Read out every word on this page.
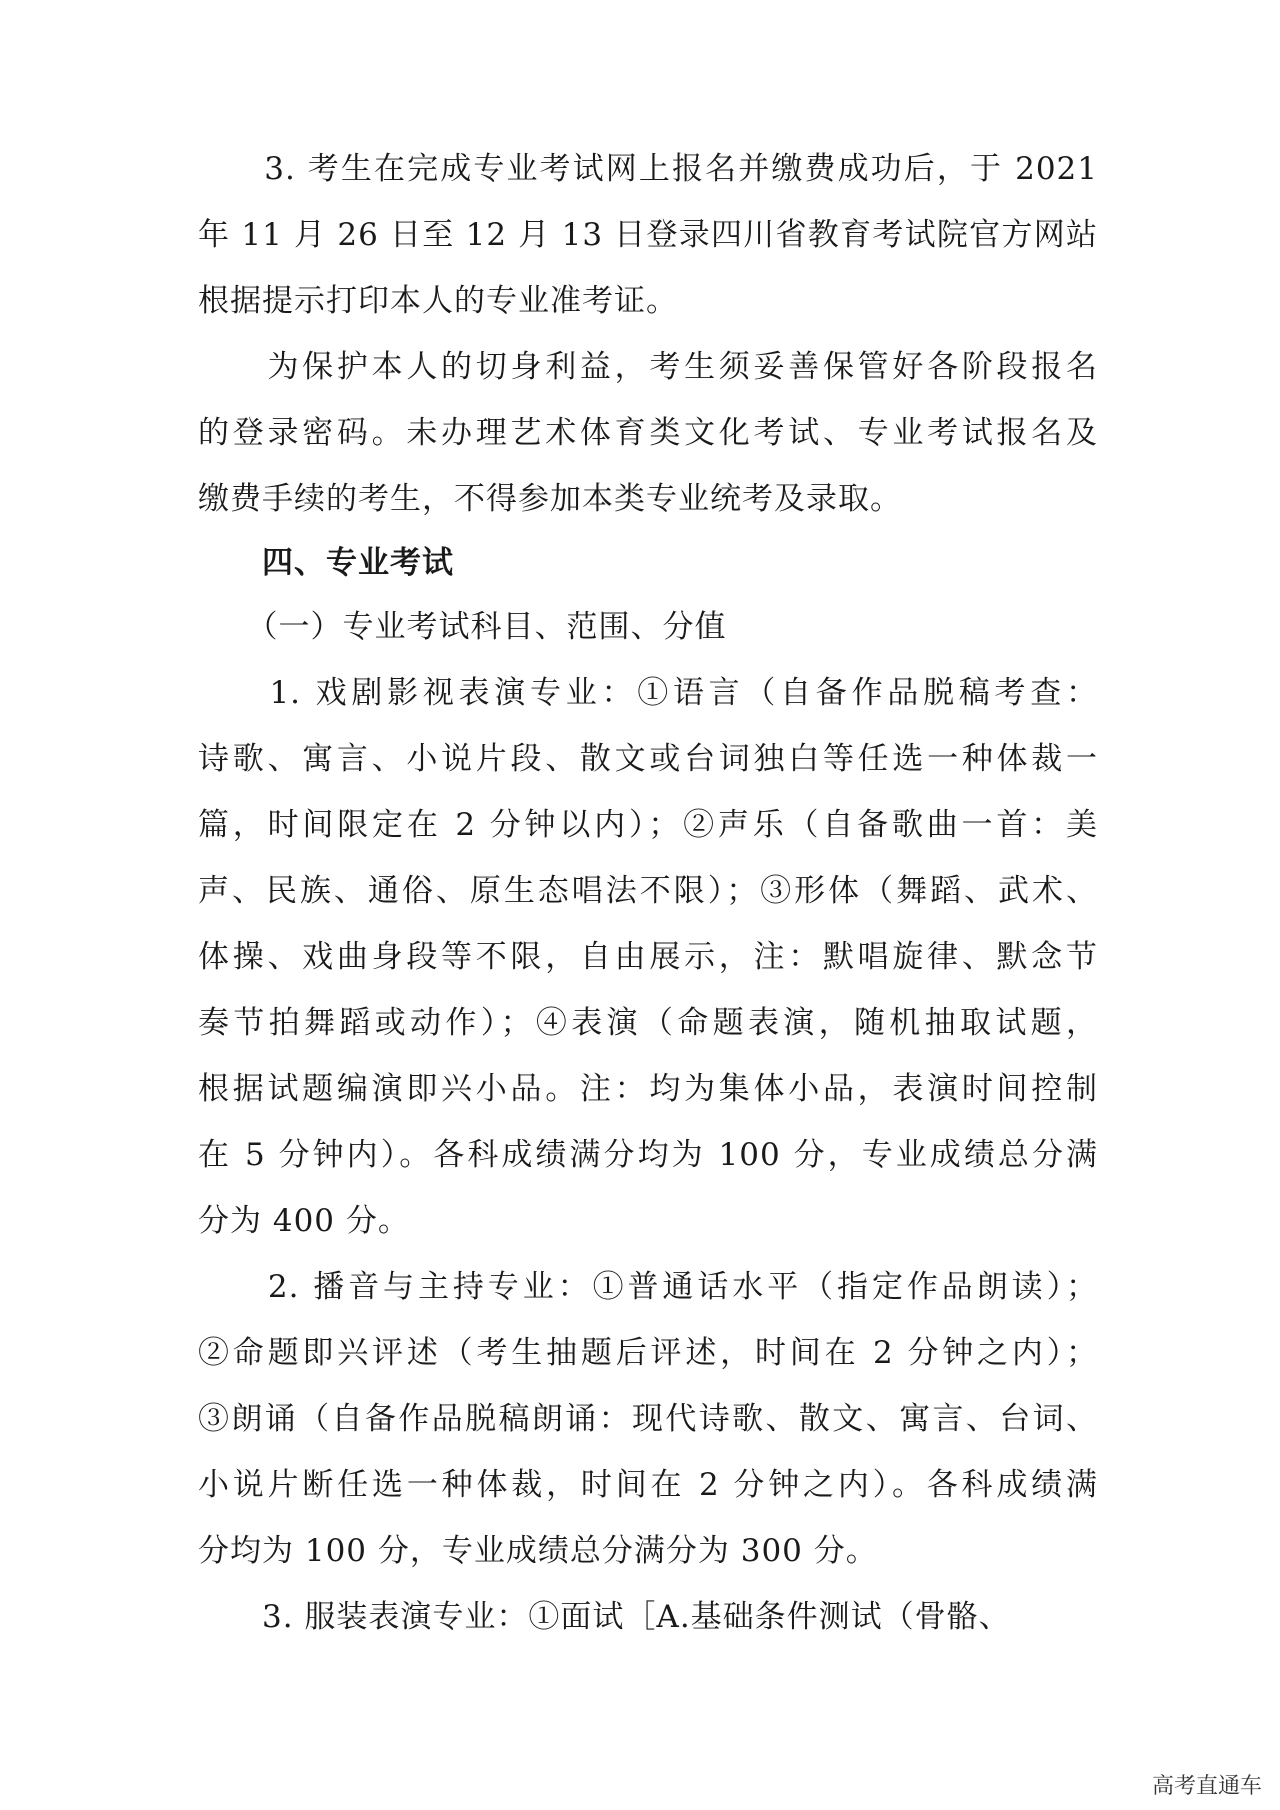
　　3. 考生在完成专业考试网上报名并缴费成功后，于 2021
年 11 月 26 日至 12 月 13 日登录四川省教育考试院官方网站
根据提示打印本人的专业准考证。
　　为保护本人的切身利益，考生须妥善保管好各阶段报名
的登录密码。未办理艺术体育类文化考试、专业考试报名及
缴费手续的考生，不得参加本类专业统考及录取。
　　四、专业考试
　　（一）专业考试科目、范围、分值
　　1. 戏剧影视表演专业：①语言（自备作品脱稿考查：
诗歌、寓言、小说片段、散文或台词独白等任选一种体裁一
篇，时间限定在 2 分钟以内）；②声乐（自备歌曲一首：美
声、民族、通俗、原生态唱法不限）；③形体（舞蹈、武术、
体操、戏曲身段等不限，自由展示，注：默唱旋律、默念节
奏节拍舞蹈或动作）；④表演（命题表演，随机抽取试题，
根据试题编演即兴小品。注：均为集体小品，表演时间控制
在 5 分钟内）。各科成绩满分均为 100 分，专业成绩总分满
分为 400 分。
　　2. 播音与主持专业：①普通话水平（指定作品朗读）；
②命题即兴评述（考生抽题后评述，时间在 2 分钟之内）；
③朗诵（自备作品脱稿朗诵：现代诗歌、散文、寓言、台词、
小说片断任选一种体裁，时间在 2 分钟之内）。各科成绩满
分均为 100 分，专业成绩总分满分为 300 分。
　　3. 服装表演专业：①面试［A.基础条件测试（骨骼、
高考直通车
